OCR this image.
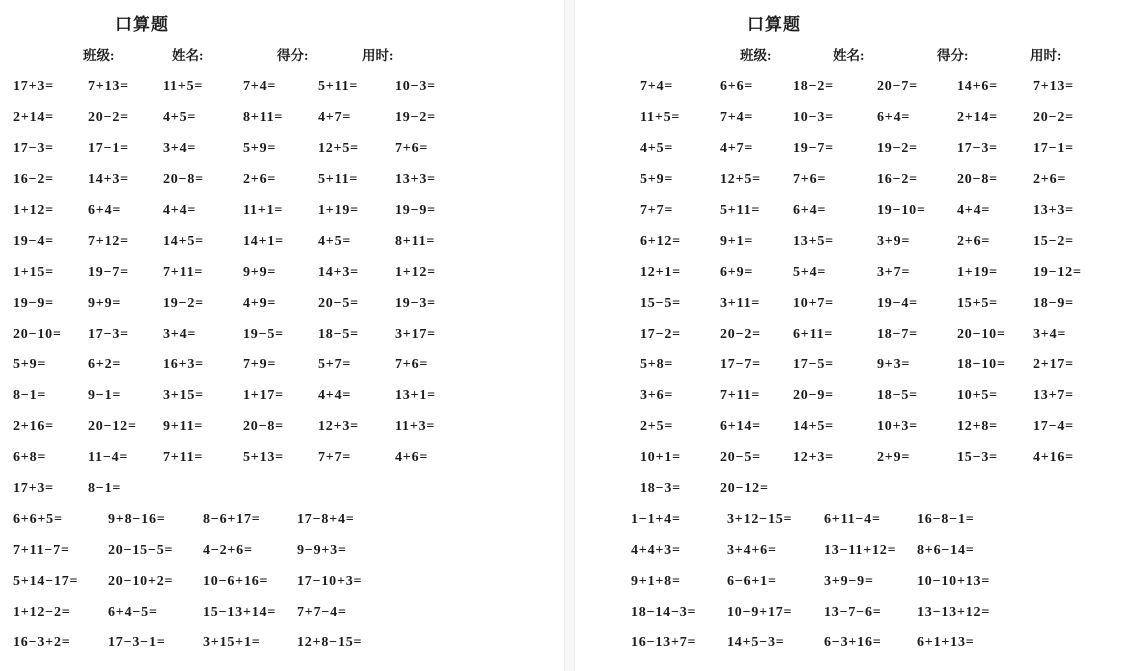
口算题
班级:	姓名:	得分:	用时:
17+3=	7+13=	11+5=	7+4=	5+11=	10−3=
2+14=	20−2=	4+5=	8+11=	4+7=	19−2=
17−3=	17−1=	3+4=	5+9=	12+5=	7+6=
16−2=	14+3=	20−8=	2+6=	5+11=	13+3=
1+12=	6+4=	4+4=	11+1=	1+19=	19−9=
19−4=	7+12=	14+5=	14+1=	4+5=	8+11=
1+15=	19−7=	7+11=	9+9=	14+3=	1+12=
19−9=	9+9=	19−2=	4+9=	20−5=	19−3=
20−10=	17−3=	3+4=	19−5=	18−5=	3+17=
5+9=	6+2=	16+3=	7+9=	5+7=	7+6=
8−1=	9−1=	3+15=	1+17=	4+4=	13+1=
2+16=	20−12=	9+11=	20−8=	12+3=	11+3=
6+8=	11−4=	7+11=	5+13=	7+7=	4+6=
17+3=	8−1=
6+6+5=	9+8−16=	8−6+17=	17−8+4=
7+11−7=	20−15−5=	4−2+6=	9−9+3=
5+14−17=	20−10+2=	10−6+16=	17−10+3=
1+12−2=	6+4−5=	15−13+14=	7+7−4=
16−3+2=	17−3−1=	3+15+1=	12+8−15=
口算题
班级:	姓名:	得分:	用时:
7+4=	6+6=	18−2=	20−7=	14+6=	7+13=
11+5=	7+4=	10−3=	6+4=	2+14=	20−2=
4+5=	4+7=	19−7=	19−2=	17−3=	17−1=
5+9=	12+5=	7+6=	16−2=	20−8=	2+6=
7+7=	5+11=	6+4=	19−10=	4+4=	13+3=
6+12=	9+1=	13+5=	3+9=	2+6=	15−2=
12+1=	6+9=	5+4=	3+7=	1+19=	19−12=
15−5=	3+11=	10+7=	19−4=	15+5=	18−9=
17−2=	20−2=	6+11=	18−7=	20−10=	3+4=
5+8=	17−7=	17−5=	9+3=	18−10=	2+17=
3+6=	7+11=	20−9=	18−5=	10+5=	13+7=
2+5=	6+14=	14+5=	10+3=	12+8=	17−4=
10+1=	20−5=	12+3=	2+9=	15−3=	4+16=
18−3=	20−12=
1−1+4=	3+12−15=	6+11−4=	16−8−1=
4+4+3=	3+4+6=	13−11+12=	8+6−14=
9+1+8=	6−6+1=	3+9−9=	10−10+13=
18−14−3=	10−9+17=	13−7−6=	13−13+12=
16−13+7=	14+5−3=	6−3+16=	6+1+13=
